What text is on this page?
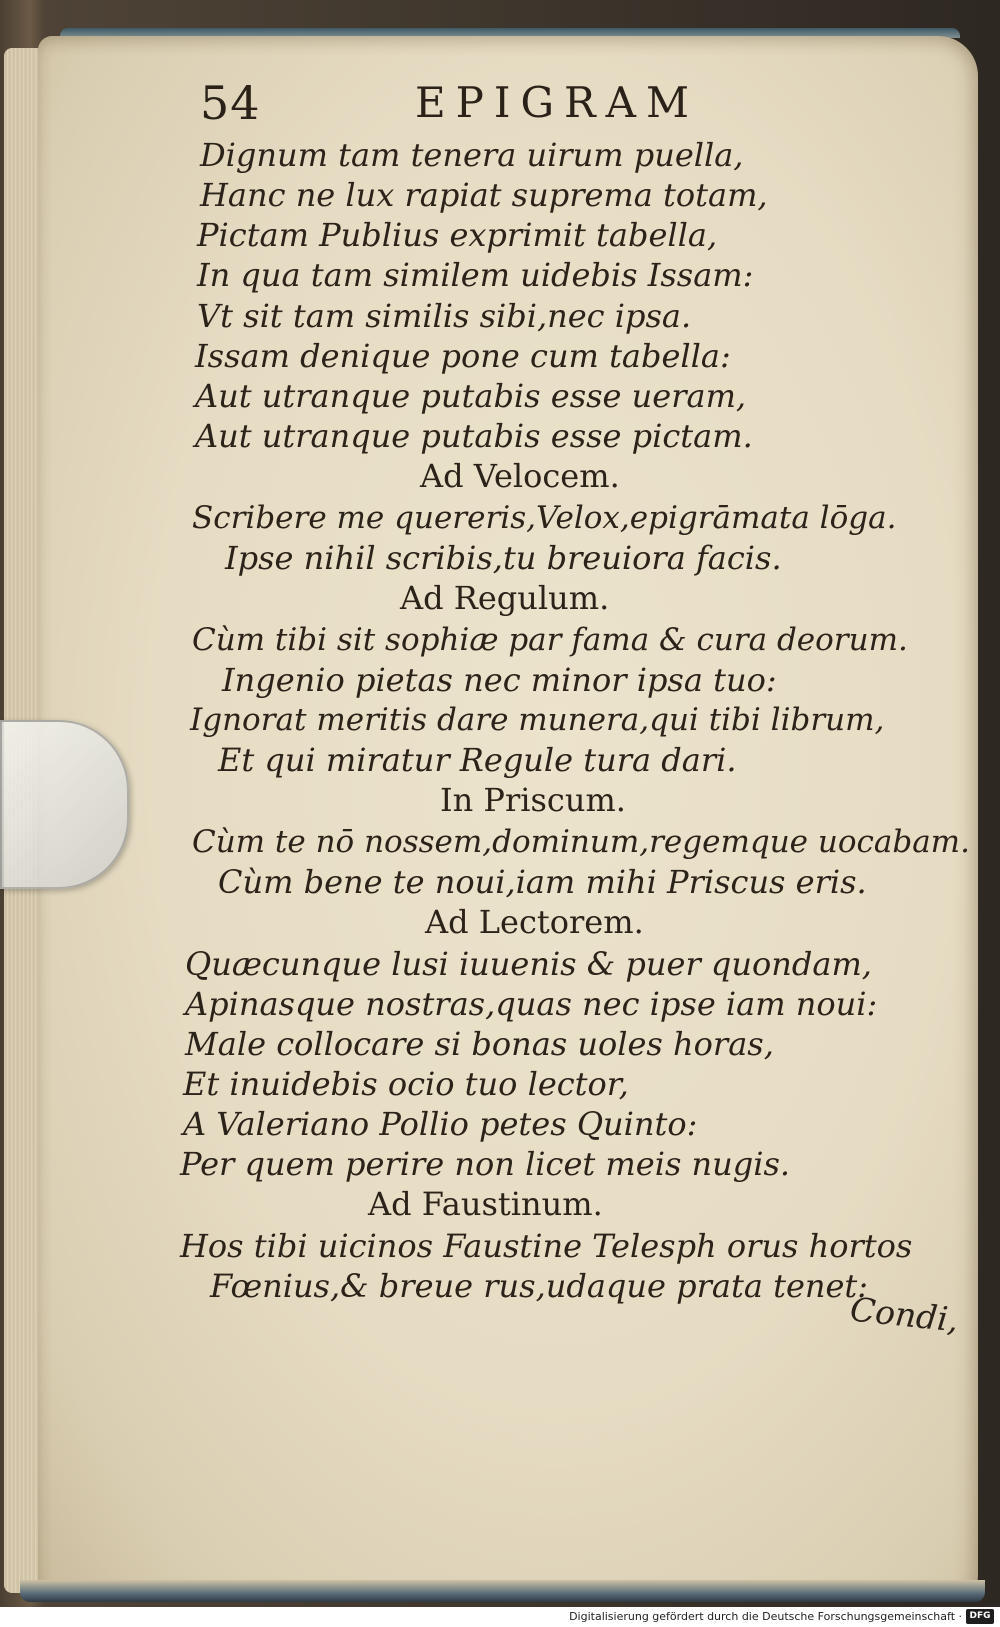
54	EPIGRAM
Dignum tam tenera uirum puella,
Hanc ne lux rapiat suprema totam,
Pictam Publius exprimit tabella,
In qua tam similem uidebis Issam:
Vt sit tam similis sibi,nec ipsa.
Issam denique pone cum tabella:
Aut utranque putabis esse ueram,
Aut utranque putabis esse pictam.
Ad Velocem.
Scribere me quereris,Velox,epigrāmata lōga.
Ipse nihil scribis,tu breuiora facis.
Ad Regulum.
Cùm tibi sit sophiæ par fama & cura deorum.
Ingenio pietas nec minor ipsa tuo:
Ignorat meritis dare munera,qui tibi librum,
Et qui miratur Regule tura dari.
In Priscum.
Cùm te nō nossem,dominum,regemque uocabam.
Cùm bene te noui,iam mihi Priscus eris.
Ad Lectorem.
Quæcunque lusi iuuenis & puer quondam,
Apinasque nostras,quas nec ipse iam noui:
Male collocare si bonas uoles horas,
Et inuidebis ocio tuo lector,
A Valeriano Pollio petes Quinto:
Per quem perire non licet meis nugis.
Ad Faustinum.
Hos tibi uicinos Faustine Telesph orus hortos
Fœnius,& breue rus,udaque prata tenet:
Condi,
Digitalisierung gefördert durch die Deutsche Forschungsgemeinschaft · DFG
